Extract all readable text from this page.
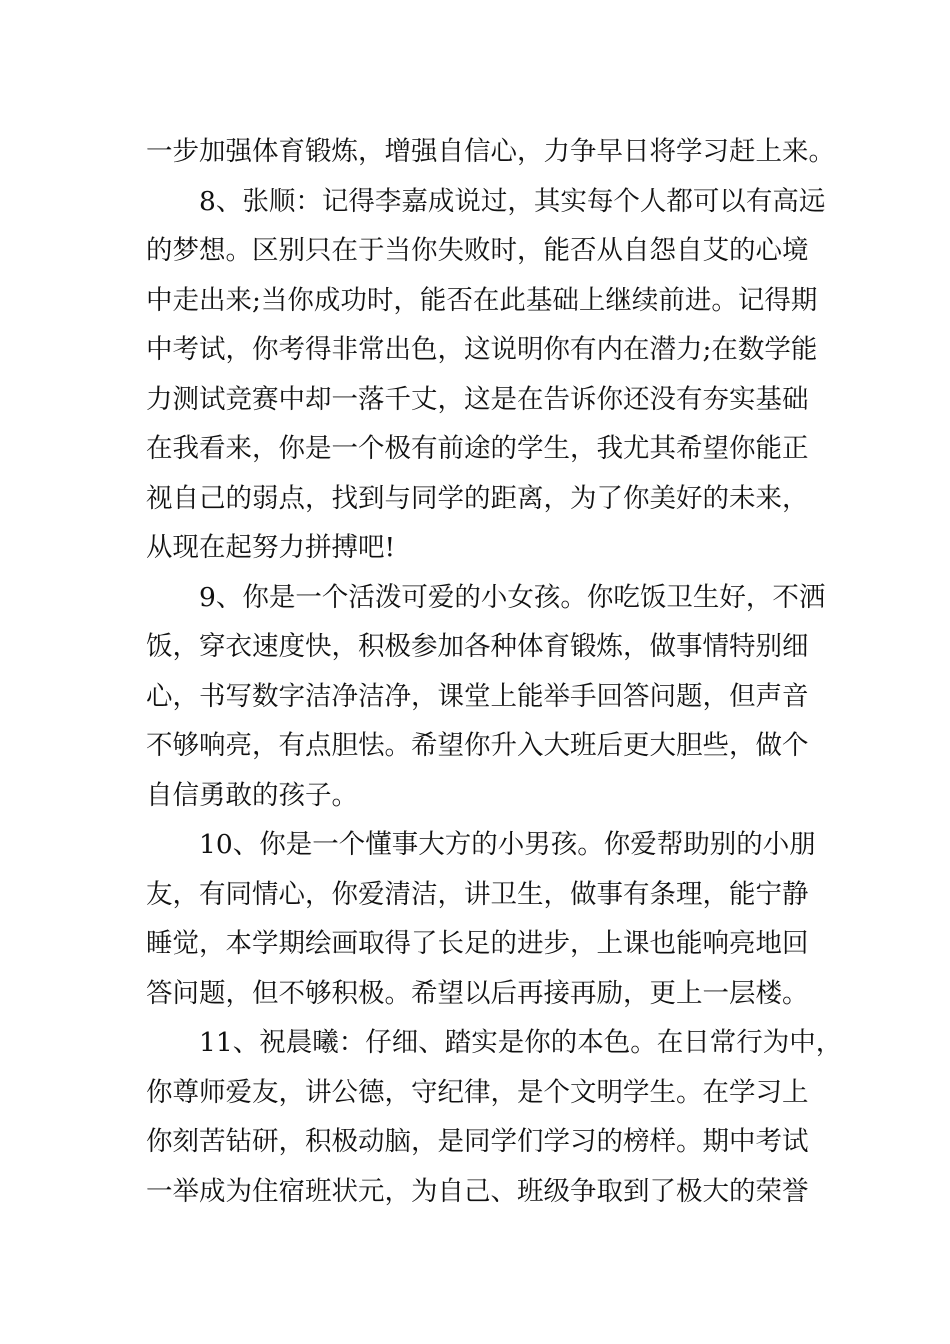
一步加强体育锻炼，增强自信心，力争早日将学习赶上来。
8、张顺：记得李嘉成说过，其实每个人都可以有高远
的梦想。区别只在于当你失败时，能否从自怨自艾的心境
中走出来;当你成功时，能否在此基础上继续前进。记得期
中考试，你考得非常出色，这说明你有内在潜力;在数学能
力测试竞赛中却一落千丈，这是在告诉你还没有夯实基础
在我看来，你是一个极有前途的学生，我尤其希望你能正
视自己的弱点，找到与同学的距离，为了你美好的未来，
从现在起努力拼搏吧!
9、你是一个活泼可爱的小女孩。你吃饭卫生好，不洒
饭，穿衣速度快，积极参加各种体育锻炼，做事情特别细
心，书写数字洁净洁净，课堂上能举手回答问题，但声音
不够响亮，有点胆怯。希望你升入大班后更大胆些，做个
自信勇敢的孩子。
10、你是一个懂事大方的小男孩。你爱帮助别的小朋
友，有同情心，你爱清洁，讲卫生，做事有条理，能宁静
睡觉，本学期绘画取得了长足的进步，上课也能响亮地回
答问题，但不够积极。希望以后再接再励，更上一层楼。
11、祝晨曦：仔细、踏实是你的本色。在日常行为中，
你尊师爱友，讲公德，守纪律，是个文明学生。在学习上
你刻苦钻研，积极动脑，是同学们学习的榜样。期中考试
一举成为住宿班状元，为自己、班级争取到了极大的荣誉
